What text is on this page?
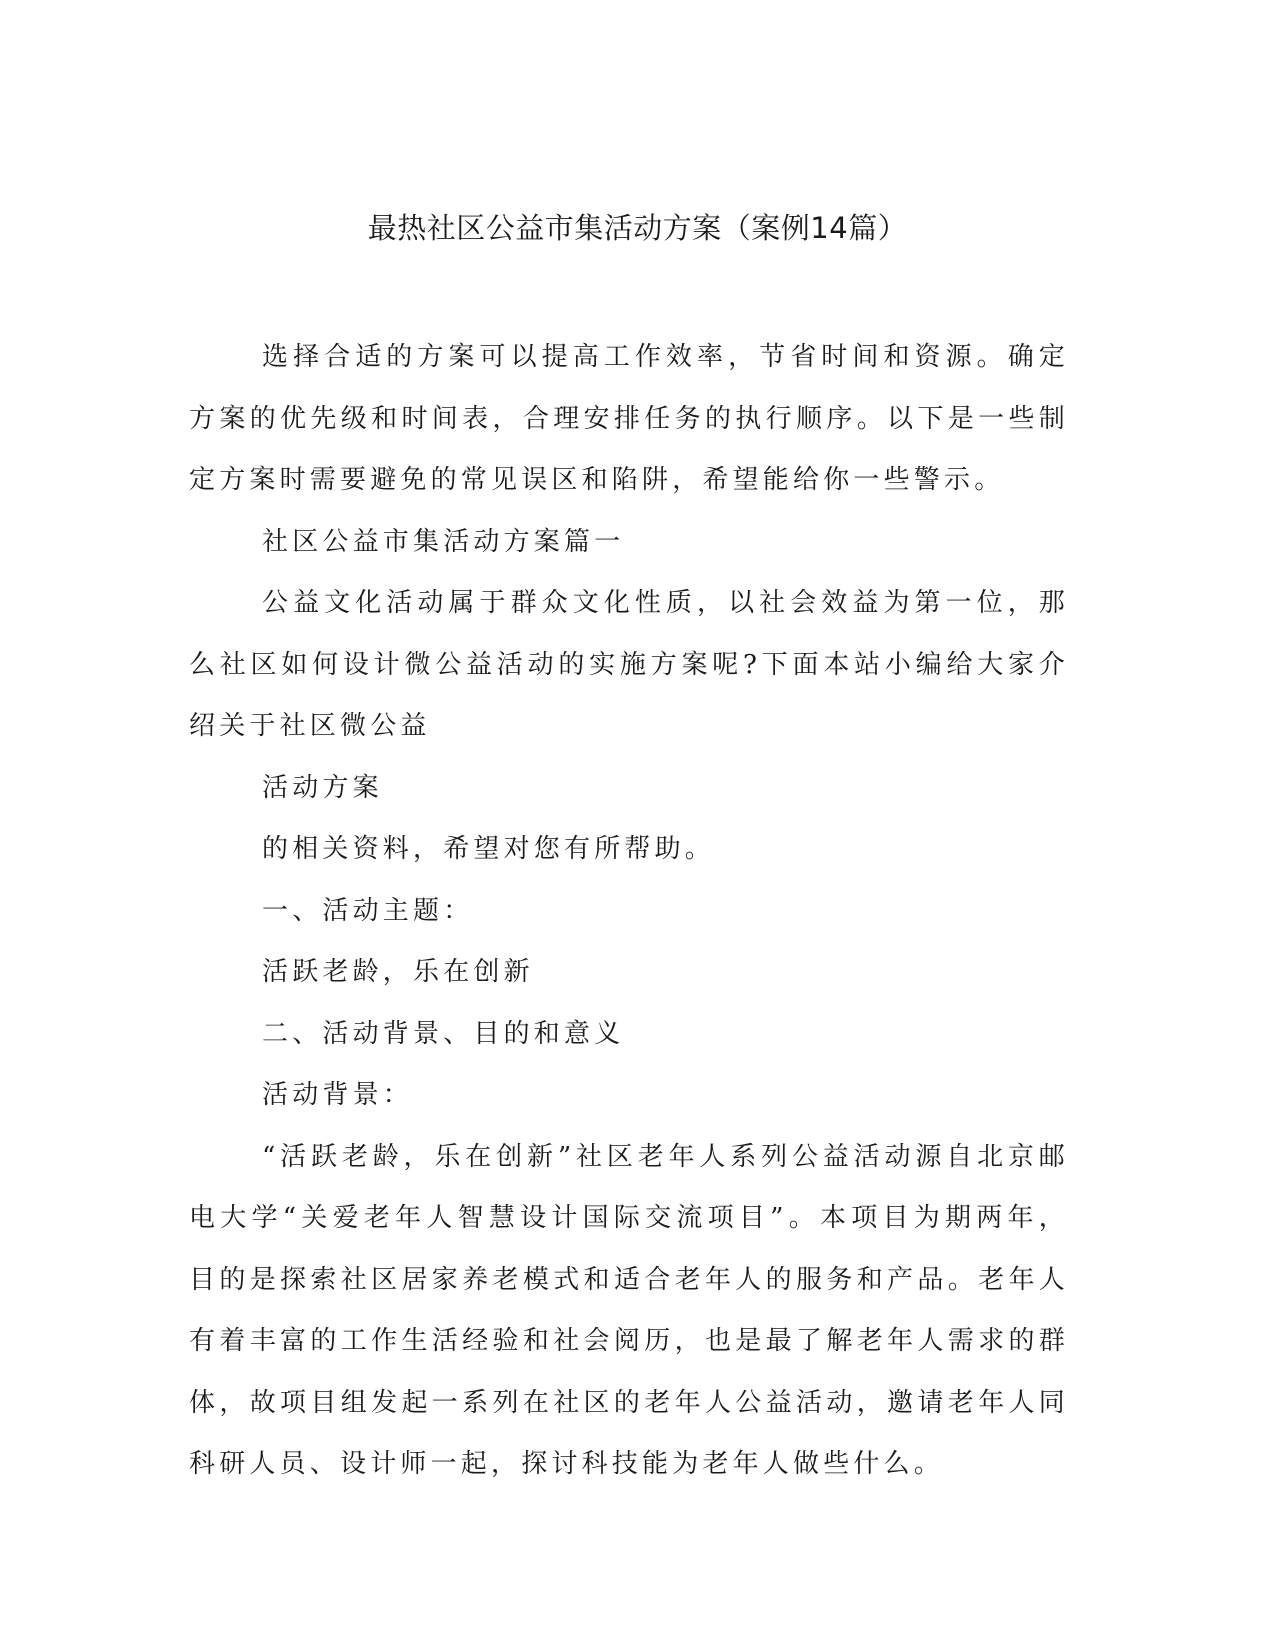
最热社区公益市集活动方案（案例14篇）

选择合适的方案可以提高工作效率，节省时间和资源。确定方案的优先级和时间表，合理安排任务的执行顺序。以下是一些制定方案时需要避免的常见误区和陷阱，希望能给你一些警示。

社区公益市集活动方案篇一

公益文化活动属于群众文化性质，以社会效益为第一位，那么社区如何设计微公益活动的实施方案呢?下面本站小编给大家介绍关于社区微公益

活动方案

的相关资料，希望对您有所帮助。

一、活动主题：

活跃老龄，乐在创新

二、活动背景、目的和意义

活动背景：

“活跃老龄，乐在创新”社区老年人系列公益活动源自北京邮电大学“关爱老年人智慧设计国际交流项目”。本项目为期两年，目的是探索社区居家养老模式和适合老年人的服务和产品。老年人有着丰富的工作生活经验和社会阅历，也是最了解老年人需求的群体，故项目组发起一系列在社区的老年人公益活动，邀请老年人同科研人员、设计师一起，探讨科技能为老年人做些什么。
